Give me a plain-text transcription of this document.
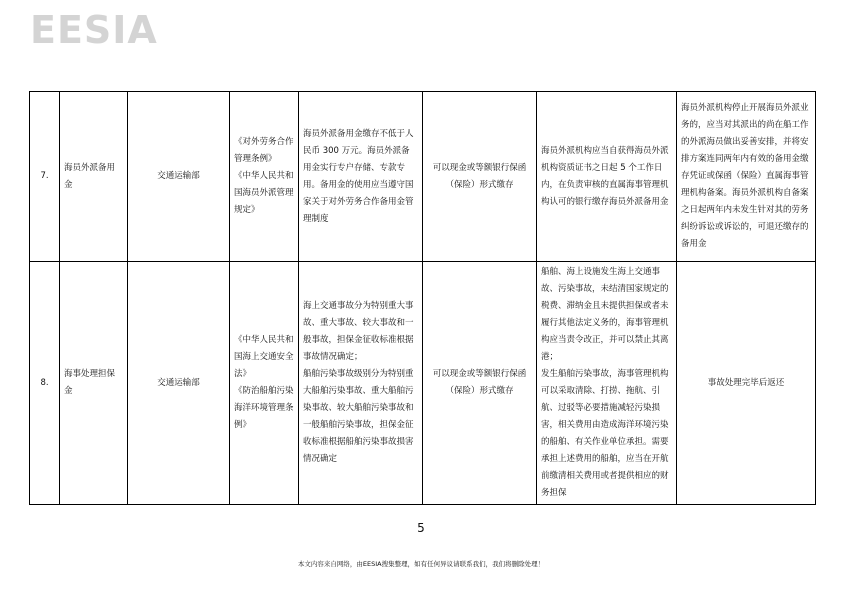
EESIA
7.	海员外派备用金	交通运输部	《对外劳务合作管理条例》
《中华人民共和国海员外派管理规定》	海员外派备用金缴存不低于人民币 300 万元。海员外派备用金实行专户存储、专款专用。备用金的使用应当遵守国家关于对外劳务合作备用金管理制度	可以现金或等额银行保函（保险）形式缴存	海员外派机构应当自获得海员外派机构资质证书之日起 5 个工作日内，在负责审核的直属海事管理机构认可的银行缴存海员外派备用金	海员外派机构停止开展海员外派业务的，应当对其派出的尚在船工作的外派海员做出妥善安排，并将安排方案连同两年内有效的备用金缴存凭证或保函（保险）直属海事管理机构备案。海员外派机构自备案之日起两年内未发生针对其的劳务纠纷诉讼或诉讼的，可退还缴存的备用金
8.	海事处理担保金	交通运输部	《中华人民共和国海上交通安全法》
《防治船舶污染海洋环境管理条例》	海上交通事故分为特别重大事故、重大事故、较大事故和一般事故，担保金征收标准根据事故情况确定；
船舶污染事故级别分为特别重大船舶污染事故、重大船舶污染事故、较大船舶污染事故和一般船舶污染事故，担保金征收标准根据船舶污染事故损害情况确定	可以现金或等额银行保函（保险）形式缴存	船舶、海上设施发生海上交通事故、污染事故，未结清国家规定的税费、滞纳金且未提供担保或者未履行其他法定义务的，海事管理机构应当责令改正，并可以禁止其离港；
发生船舶污染事故，海事管理机构可以采取清除、打捞、拖航、引航、过驳等必要措施减轻污染损害，相关费用由造成海洋环境污染的船舶、有关作业单位承担。需要承担上述费用的船舶，应当在开航前缴清相关费用或者提供相应的财务担保	事故处理完毕后返还
5
本文内容来自网络，由EESIA搜集整理，如有任何异议请联系我们，我们将删除处理！
